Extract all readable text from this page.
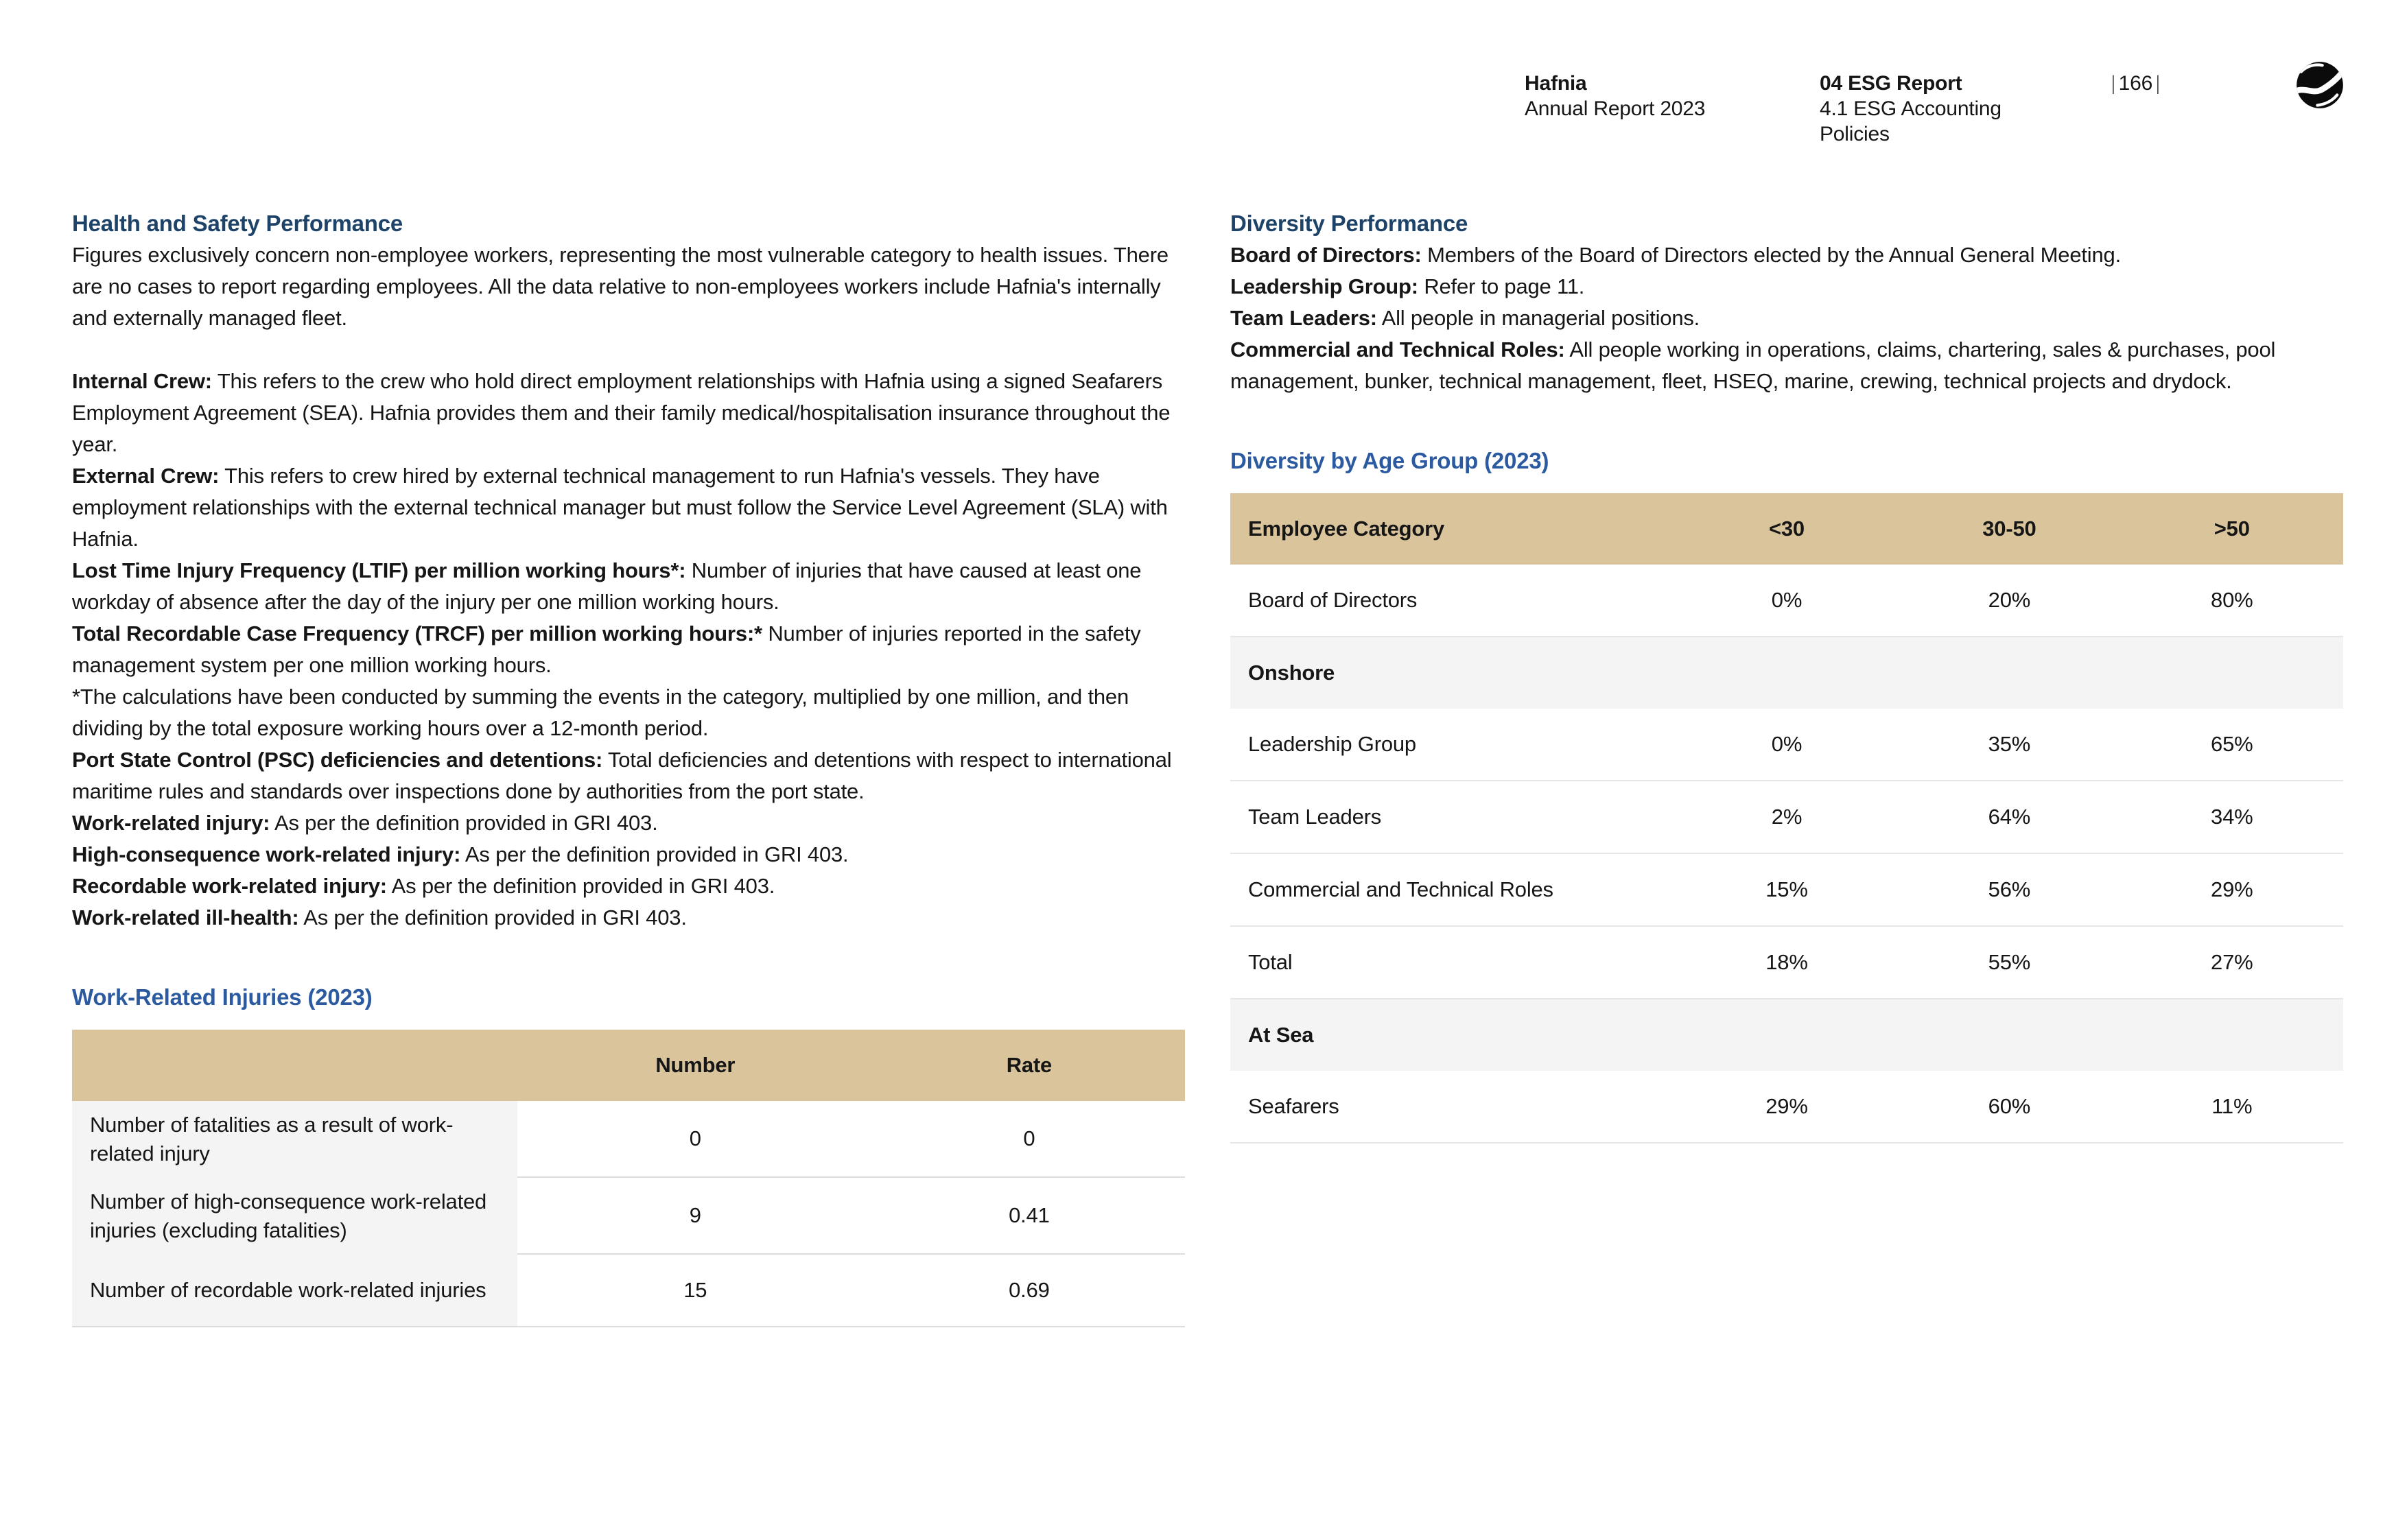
Hafnia
Annual Report 2023
04 ESG Report
4.1 ESG Accounting Policies
| 166 |
Health and Safety Performance

Figures exclusively concern non-employee workers, representing the most vulnerable category to health issues. There are no cases to report regarding employees. All the data relative to non-employees workers include Hafnia's internally and externally managed fleet.

Internal Crew: This refers to the crew who hold direct employment relationships with Hafnia using a signed Seafarers Employment Agreement (SEA). Hafnia provides them and their family medical/hospitalisation insurance throughout the year.

External Crew: This refers to crew hired by external technical management to run Hafnia's vessels. They have employment relationships with the external technical manager but must follow the Service Level Agreement (SLA) with Hafnia.

Lost Time Injury Frequency (LTIF) per million working hours*: Number of injuries that have caused at least one workday of absence after the day of the injury per one million working hours.

Total Recordable Case Frequency (TRCF) per million working hours:* Number of injuries reported in the safety management system per one million working hours.

*The calculations have been conducted by summing the events in the category, multiplied by one million, and then dividing by the total exposure working hours over a 12-month period.

Port State Control (PSC) deficiencies and detentions: Total deficiencies and detentions with respect to international maritime rules and standards over inspections done by authorities from the port state.

Work-related injury: As per the definition provided in GRI 403.

High-consequence work-related injury: As per the definition provided in GRI 403.

Recordable work-related injury: As per the definition provided in GRI 403.

Work-related ill-health: As per the definition provided in GRI 403.

Work-Related Injuries (2023)
Number	Rate
Number of fatalities as a result of work-related injury
0	0
Number of high-consequence work-related injuries (excluding fatalities)
9	0.41
Number of recordable work-related injuries	15	0.69
Diversity Performance

Board of Directors: Members of the Board of Directors elected by the Annual General Meeting.

Leadership Group: Refer to page 11.

Team Leaders: All people in managerial positions.

Commercial and Technical Roles: All people working in operations, claims, chartering, sales & purchases, pool management, bunker, technical management, fleet, HSEQ, marine, crewing, technical projects and drydock.

Diversity by Age Group (2023)
Employee Category	<30	30-50	>50
Board of Directors	0%	20%	80%
Onshore
Leadership Group	0%	35%	65%
Team Leaders	2%	64%	34%
Commercial and Technical Roles	15%	56%	29%
Total	18%	55%	27%
At Sea
Seafarers	29%	60%	11%
